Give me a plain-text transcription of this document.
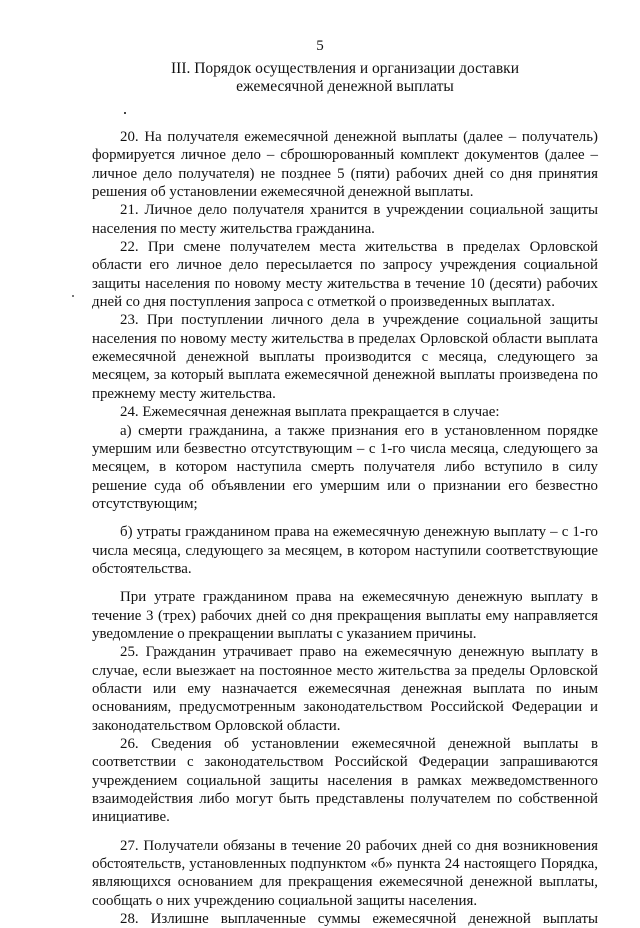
5
III. Порядок осуществления и организации доставки
ежемесячной денежной выплаты

20. На получателя ежемесячной денежной выплаты (далее – получатель) формируется личное дело – сброшюрованный комплект документов (далее – личное дело получателя) не позднее 5 (пяти) рабочих дней со дня принятия решения об установлении ежемесячной денежной выплаты.

21. Личное дело получателя хранится в учреждении социальной защиты населения по месту жительства гражданина.

22. При смене получателем места жительства в пределах Орловской области его личное дело пересылается по запросу учреждения социальной защиты населения по новому месту жительства в течение 10 (десяти) рабочих дней со дня поступления запроса с отметкой о произведенных выплатах.

23. При поступлении личного дела в учреждение социальной защиты населения по новому месту жительства в пределах Орловской области выплата ежемесячной денежной выплаты производится с месяца, следующего за месяцем, за который выплата ежемесячной денежной выплаты произведена по прежнему месту жительства.

24. Ежемесячная денежная выплата прекращается в случае:

а) смерти гражданина, а также признания его в установленном порядке умершим или безвестно отсутствующим – с 1-го числа месяца, следующего за месяцем, в котором наступила смерть получателя либо вступило в силу решение суда об объявлении его умершим или о признании его безвестно отсутствующим;

б) утраты гражданином права на ежемесячную денежную выплату – с 1-го числа месяца, следующего за месяцем, в котором наступили соответствующие обстоятельства.

При утрате гражданином права на ежемесячную денежную выплату в течение 3 (трех) рабочих дней со дня прекращения выплаты ему направляется уведомление о прекращении выплаты с указанием причины.

25. Гражданин утрачивает право на ежемесячную денежную выплату в случае, если выезжает на постоянное место жительства за пределы Орловской области или ему назначается ежемесячная денежная выплата по иным основаниям, предусмотренным законодательством Российской Федерации и законодательством Орловской области.

26. Сведения об установлении ежемесячной денежной выплаты в соответствии с законодательством Российской Федерации запрашиваются учреждением социальной защиты населения в рамках межведомственного взаимодействия либо могут быть представлены получателем по собственной инициативе.

27. Получатели обязаны в течение 20 рабочих дней со дня возникновения обстоятельств, установленных подпунктом «б» пункта 24 настоящего Порядка, являющихся основанием для прекращения ежемесячной денежной выплаты, сообщать о них учреждению социальной защиты населения.

28. Излишне выплаченные суммы ежемесячной денежной выплаты
